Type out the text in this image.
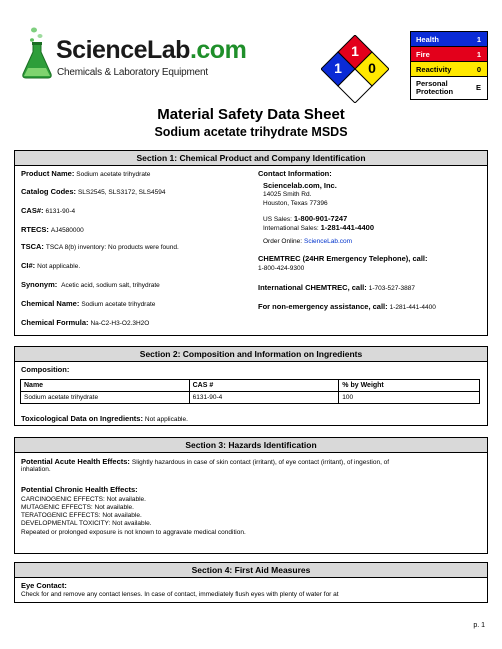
ScienceLab.com
Chemicals & Laboratory Equipment
1
1 0
Health	1
Fire	1
Reactivity	0
Personal Protection	E
Material Safety Data Sheet
Sodium acetate trihydrate MSDS
Section 1: Chemical Product and Company Identification
Product Name: Sodium acetate trihydrate
Catalog Codes: SLS2545, SLS3172, SLS4594
CAS#: 6131-90-4
RTECS: AJ4580000
TSCA: TSCA 8(b) inventory: No products were found.
CI#: Not applicable.
Synonym: Acetic acid, sodium salt, trihydrate
Chemical Name: Sodium acetate trihydrate
Chemical Formula: Na-C2-H3-O2.3H2O
Contact Information:
Sciencelab.com, Inc.
14025 Smith Rd.
Houston, Texas 77396
US Sales: 1-800-901-7247
International Sales: 1-281-441-4400
Order Online: ScienceLab.com
CHEMTREC (24HR Emergency Telephone), call:
1-800-424-9300
International CHEMTREC, call: 1-703-527-3887
For non-emergency assistance, call: 1-281-441-4400
Section 2: Composition and Information on Ingredients
Composition:
Name	CAS #	% by Weight
Sodium acetate trihydrate	6131-90-4	100
Toxicological Data on Ingredients: Not applicable.
Section 3: Hazards Identification
Potential Acute Health Effects: Slightly hazardous in case of skin contact (irritant), of eye contact (irritant), of ingestion, of
inhalation.
Potential Chronic Health Effects:
CARCINOGENIC EFFECTS: Not available.
MUTAGENIC EFFECTS: Not available.
TERATOGENIC EFFECTS: Not available.
DEVELOPMENTAL TOXICITY: Not available.
Repeated or prolonged exposure is not known to aggravate medical condition.
Section 4: First Aid Measures
Eye Contact:
Check for and remove any contact lenses. In case of contact, immediately flush eyes with plenty of water for at
p. 1
